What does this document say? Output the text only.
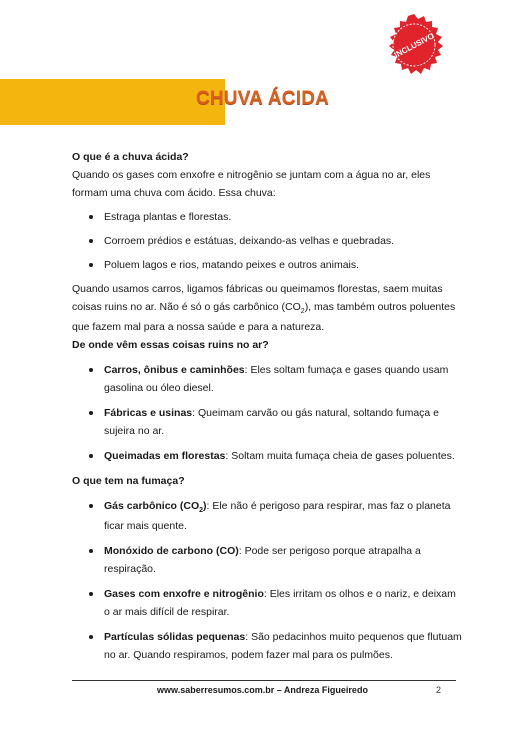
INCLUSIVO
CHUVA ÁCIDA

O que é a chuva ácida?

Quando os gases com enxofre e nitrogênio se juntam com a água no ar, eles formam uma chuva com ácido. Essa chuva:

Estraga plantas e florestas.
Corroem prédios e estátuas, deixando-as velhas e quebradas.
Poluem lagos e rios, matando peixes e outros animais.

Quando usamos carros, ligamos fábricas ou queimamos florestas, saem muitas coisas ruins no ar. Não é só o gás carbônico $(CO_2)$, mas também outros poluentes que fazem mal para a nossa saúde e para a natureza.

De onde vêm essas coisas ruins no ar?

Carros, ônibus e caminhões: Eles soltam fumaça e gases quando usam gasolina ou óleo diesel.
Fábricas e usinas: Queimam carvão ou gás natural, soltando fumaça e sujeira no ar.
Queimadas em florestas: Soltam muita fumaça cheia de gases poluentes.

O que tem na fumaça?

Gás carbônico $(CO_2)$: Ele não é perigoso para respirar, mas faz o planeta ficar mais quente.
Monóxido de carbono (CO): Pode ser perigoso porque atrapalha a respiração.
Gases com enxofre e nitrogênio: Eles irritam os olhos e o nariz, e deixam o ar mais difícil de respirar.
Partículas sólidas pequenas: São pedacinhos muito pequenos que flutuam no ar. Quando respiramos, podem fazer mal para os pulmões.
www.saberresumos.com.br – Andreza Figueiredo	2
